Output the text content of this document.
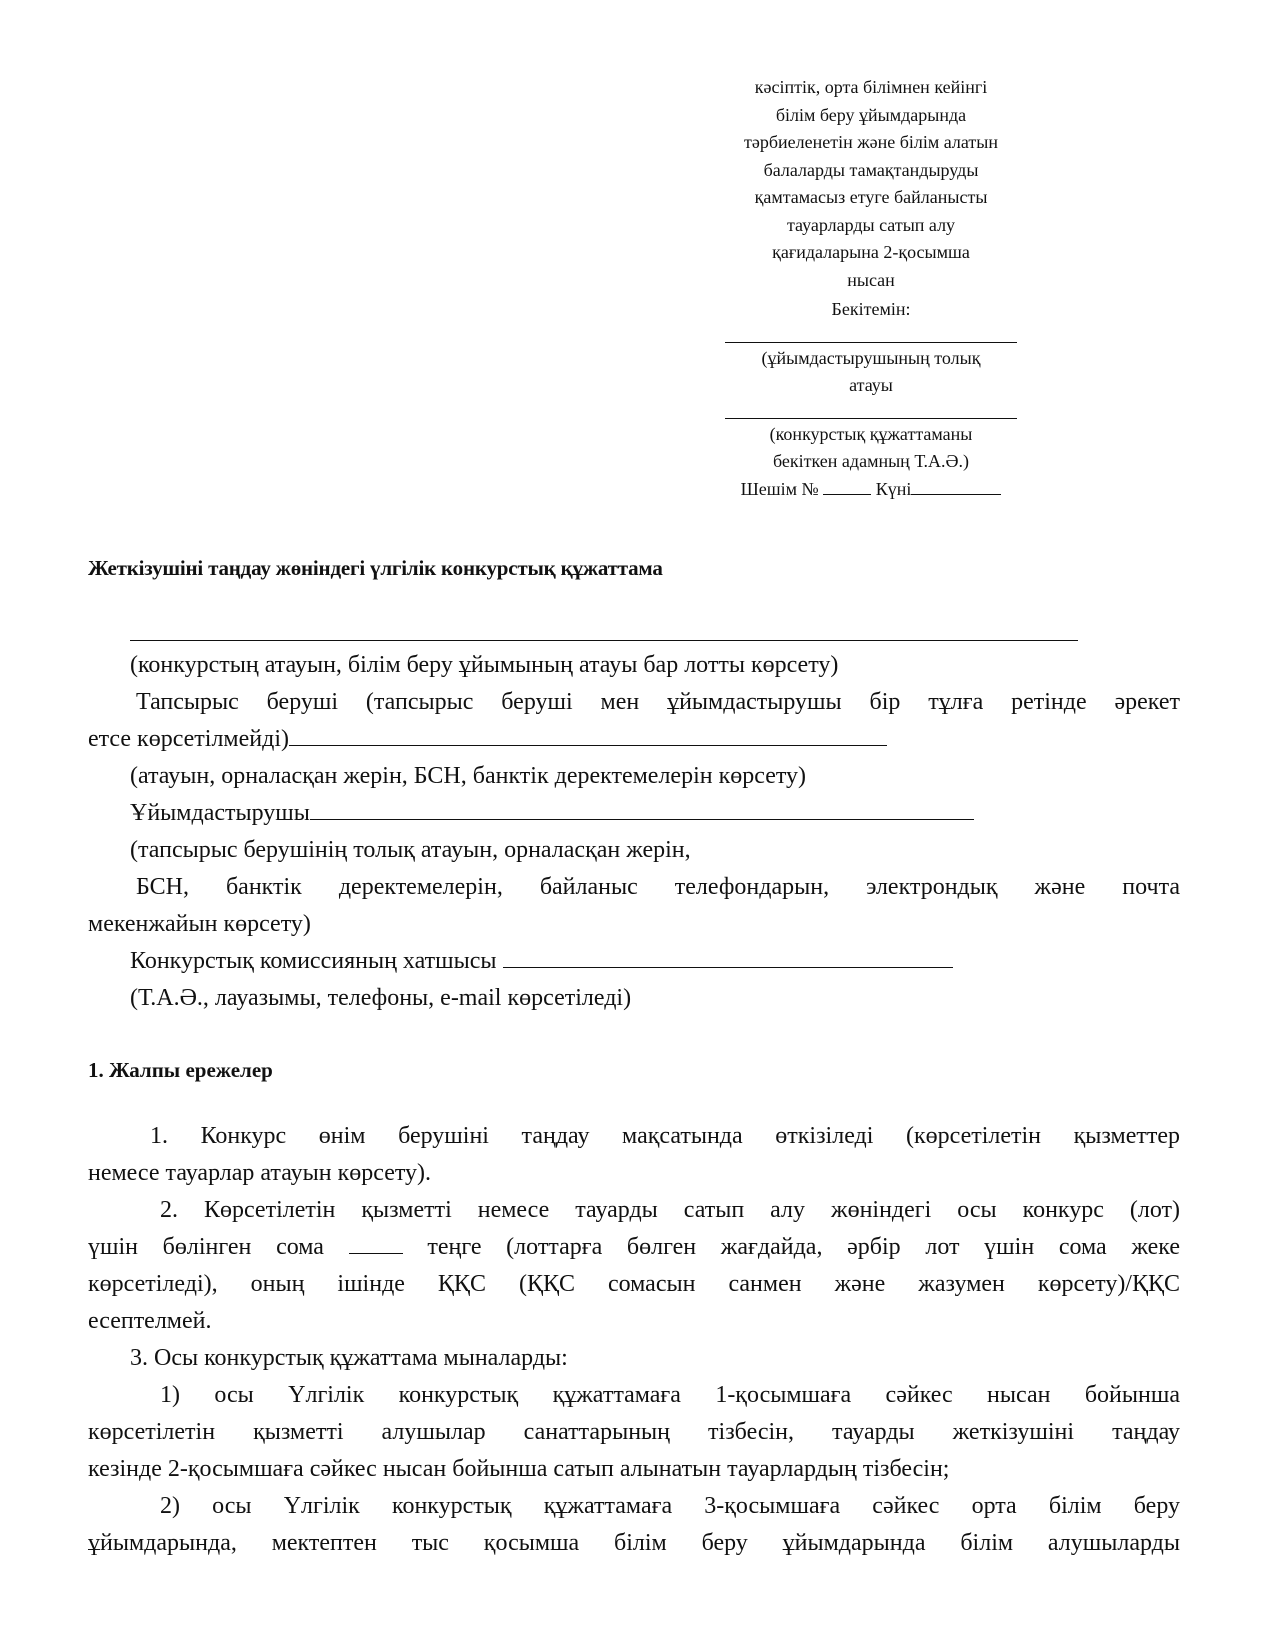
кәсіптік, орта білімнен кейінгі
білім беру ұйымдарында
тәрбиеленетін және білім алатын
балаларды тамақтандыруды
қамтамасыз етуге байланысты
тауарларды сатып алу
қағидаларына 2-қосымша
нысан
Бекітемін:
(ұйымдастырушының толық
атауы
(конкурстық құжаттаманы
бекіткен адамның Т.А.Ә.)
Шешім №	Күні
Жеткізушіні таңдау жөніндегі үлгілік конкурстық құжаттама
(конкурстың атауын, білім беру ұйымының атауы бар лотты көрсету)
Тапсырыс беруші (тапсырыс беруші мен ұйымдастырушы бір тұлға ретінде әрекет
етсе көрсетілмейді)
(атауын, орналасқан жерін, БСН, банктік деректемелерін көрсету)
Ұйымдастырушы
(тапсырыс берушінің толық атауын, орналасқан жерін,
БСН, банктік деректемелерін, байланыс телефондарын, электрондық және почта
мекенжайын көрсету)
Конкурстық комиссияның хатшысы
(Т.А.Ә., лауазымы, телефоны, e-mail көрсетіледі)
1. Жалпы ережелер
1. Конкурс өнім берушіні таңдау мақсатында өткізіледі (көрсетілетін қызметтер
немесе тауарлар атауын көрсету).
2. Көрсетілетін қызметті немесе тауарды сатып алу жөніндегі осы конкурс (лот)
үшін бөлінген сома	теңге (лоттарға бөлген жағдайда, әрбір лот үшін сома жеке
көрсетіледі), оның ішінде ҚҚС (ҚҚС сомасын санмен және жазумен көрсету)/ҚҚС
есептелмей.
3. Осы конкурстық құжаттама мыналарды:
1) осы Үлгілік конкурстық құжаттамаға 1-қосымшаға сәйкес нысан бойынша
көрсетілетін қызметті алушылар санаттарының тізбесін, тауарды жеткізушіні таңдау
кезінде 2-қосымшаға сәйкес нысан бойынша сатып алынатын тауарлардың тізбесін;
2) осы Үлгілік конкурстық құжаттамаға 3-қосымшаға сәйкес орта білім беру
ұйымдарында, мектептен тыс қосымша білім беру ұйымдарында білім алушыларды
